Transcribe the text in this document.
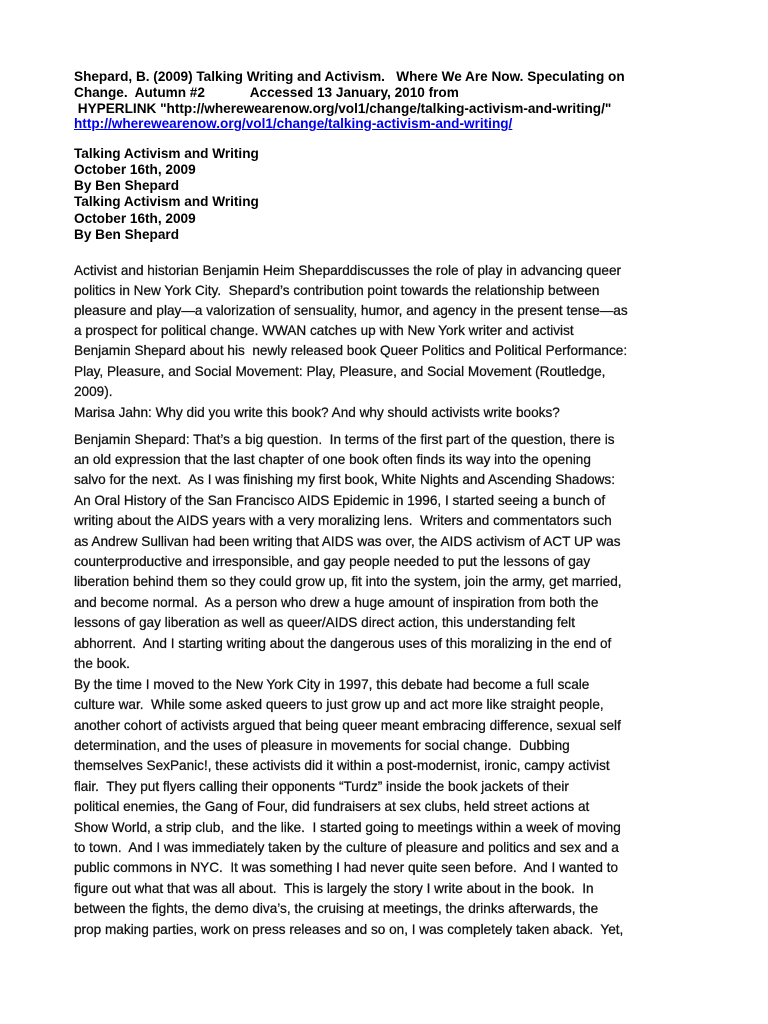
Shepard, B. (2009) Talking Writing and Activism.   Where We Are Now. Speculating on
Change.  Autumn #2            Accessed 13 January, 2010 from
HYPERLINK "http://wherewearenow.org/vol1/change/talking-activism-and-writing/"
http://wherewearenow.org/vol1/change/talking-activism-and-writing/
Talking Activism and Writing
October 16th, 2009
By Ben Shepard
Talking Activism and Writing
October 16th, 2009
By Ben Shepard
Activist and historian Benjamin Heim Sheparddiscusses the role of play in advancing queer
politics in New York City.  Shepard’s contribution point towards the relationship between
pleasure and play—a valorization of sensuality, humor, and agency in the present tense—as
a prospect for political change. WWAN catches up with New York writer and activist
Benjamin Shepard about his  newly released book Queer Politics and Political Performance:
Play, Pleasure, and Social Movement: Play, Pleasure, and Social Movement (Routledge,
2009).
Marisa Jahn: Why did you write this book? And why should activists write books?
Benjamin Shepard: That’s a big question.  In terms of the first part of the question, there is
an old expression that the last chapter of one book often finds its way into the opening
salvo for the next.  As I was finishing my first book, White Nights and Ascending Shadows:
An Oral History of the San Francisco AIDS Epidemic in 1996, I started seeing a bunch of
writing about the AIDS years with a very moralizing lens.  Writers and commentators such
as Andrew Sullivan had been writing that AIDS was over, the AIDS activism of ACT UP was
counterproductive and irresponsible, and gay people needed to put the lessons of gay
liberation behind them so they could grow up, fit into the system, join the army, get married,
and become normal.  As a person who drew a huge amount of inspiration from both the
lessons of gay liberation as well as queer/AIDS direct action, this understanding felt
abhorrent.  And I starting writing about the dangerous uses of this moralizing in the end of
the book.
By the time I moved to the New York City in 1997, this debate had become a full scale
culture war.  While some asked queers to just grow up and act more like straight people,
another cohort of activists argued that being queer meant embracing difference, sexual self
determination, and the uses of pleasure in movements for social change.  Dubbing
themselves SexPanic!, these activists did it within a post-modernist, ironic, campy activist
flair.  They put flyers calling their opponents “Turdz” inside the book jackets of their
political enemies, the Gang of Four, did fundraisers at sex clubs, held street actions at
Show World, a strip club,  and the like.  I started going to meetings within a week of moving
to town.  And I was immediately taken by the culture of pleasure and politics and sex and a
public commons in NYC.  It was something I had never quite seen before.  And I wanted to
figure out what that was all about.  This is largely the story I write about in the book.  In
between the fights, the demo diva’s, the cruising at meetings, the drinks afterwards, the
prop making parties, work on press releases and so on, I was completely taken aback.  Yet,
